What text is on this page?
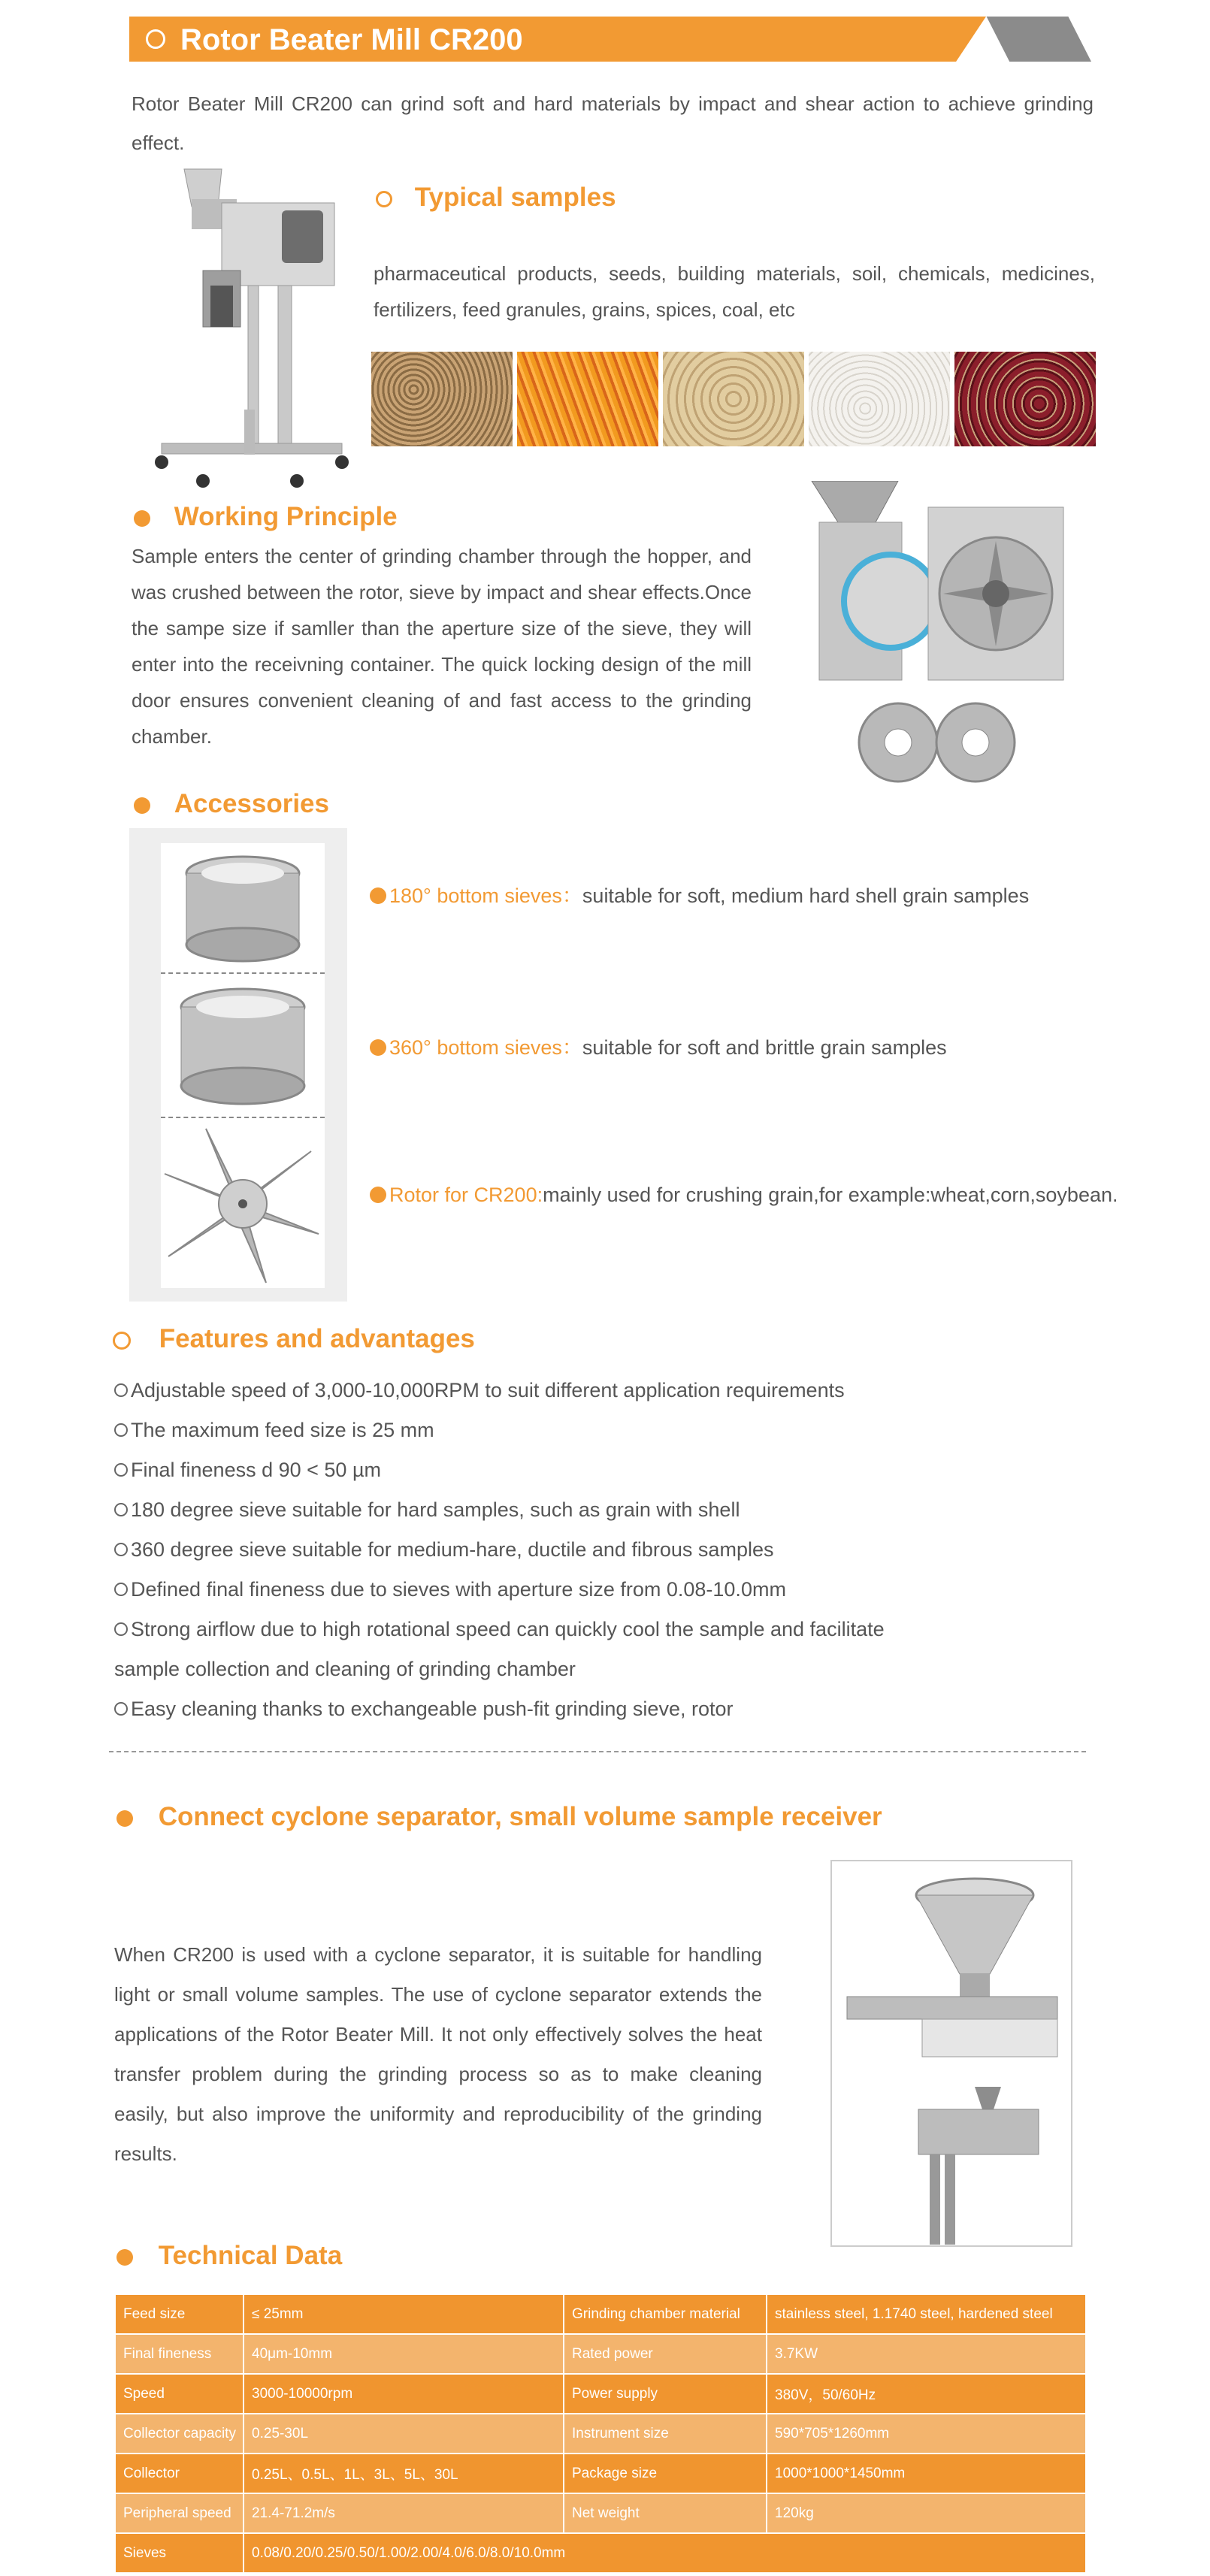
Rotor Beater Mill CR200
Rotor Beater Mill CR200 can grind soft and hard materials by impact and shear action to achieve grinding effect.
Typical samples
pharmaceutical products, seeds, building materials, soil, chemicals, medicines, fertilizers, feed granules, grains, spices, coal, etc
Working Principle
Sample enters the center of grinding chamber through the hopper, and was crushed between the rotor, sieve by impact and shear effects.Once the sampe size if samller than the aperture size of the sieve, they will enter into the receivning container. The quick locking design of the mill door ensures convenient cleaning of and fast access to the grinding chamber.
Accessories
180° bottom sieves：suitable for soft, medium hard shell grain samples
360° bottom sieves：suitable for soft and brittle grain samples
Rotor for CR200:mainly used for crushing grain,for example:wheat,corn,soybean.
Features and advantages
Adjustable speed of 3,000-10,000RPM to suit different application requirements
The maximum feed size is 25 mm
Final fineness d 90 < 50 µm
180 degree sieve suitable for hard samples, such as grain with shell
360 degree sieve suitable for medium-hare, ductile and fibrous samples
Defined final fineness due to sieves with aperture size from 0.08-10.0mm
Strong airflow due to high rotational speed can quickly cool the sample and facilitate
sample collection and cleaning of grinding chamber
Easy cleaning thanks to exchangeable push-fit grinding sieve, rotor
Connect cyclone separator, small volume sample receiver
When CR200 is used with a cyclone separator, it is suitable for handling light or small volume samples. The use of cyclone separator extends the applications of the Rotor Beater Mill. It not only effectively solves the heat transfer problem during the grinding process so as to make cleaning easily, but also improve the uniformity and reproducibility of the grinding results.
Technical Data
Feed size	≤ 25mm	Grinding chamber material	stainless steel, 1.1740 steel, hardened steel
Final fineness	40μm-10mm	Rated power	3.7KW
Speed	3000-10000rpm	Power supply	380V，50/60Hz
Collector capacity	0.25-30L	Instrument size	590*705*1260mm
Collector	0.25L、0.5L、1L、3L、5L、30L	Package size	1000*1000*1450mm
Peripheral speed	21.4-71.2m/s	Net weight	120kg
Sieves	0.08/0.20/0.25/0.50/1.00/2.00/4.0/6.0/8.0/10.0mm		
